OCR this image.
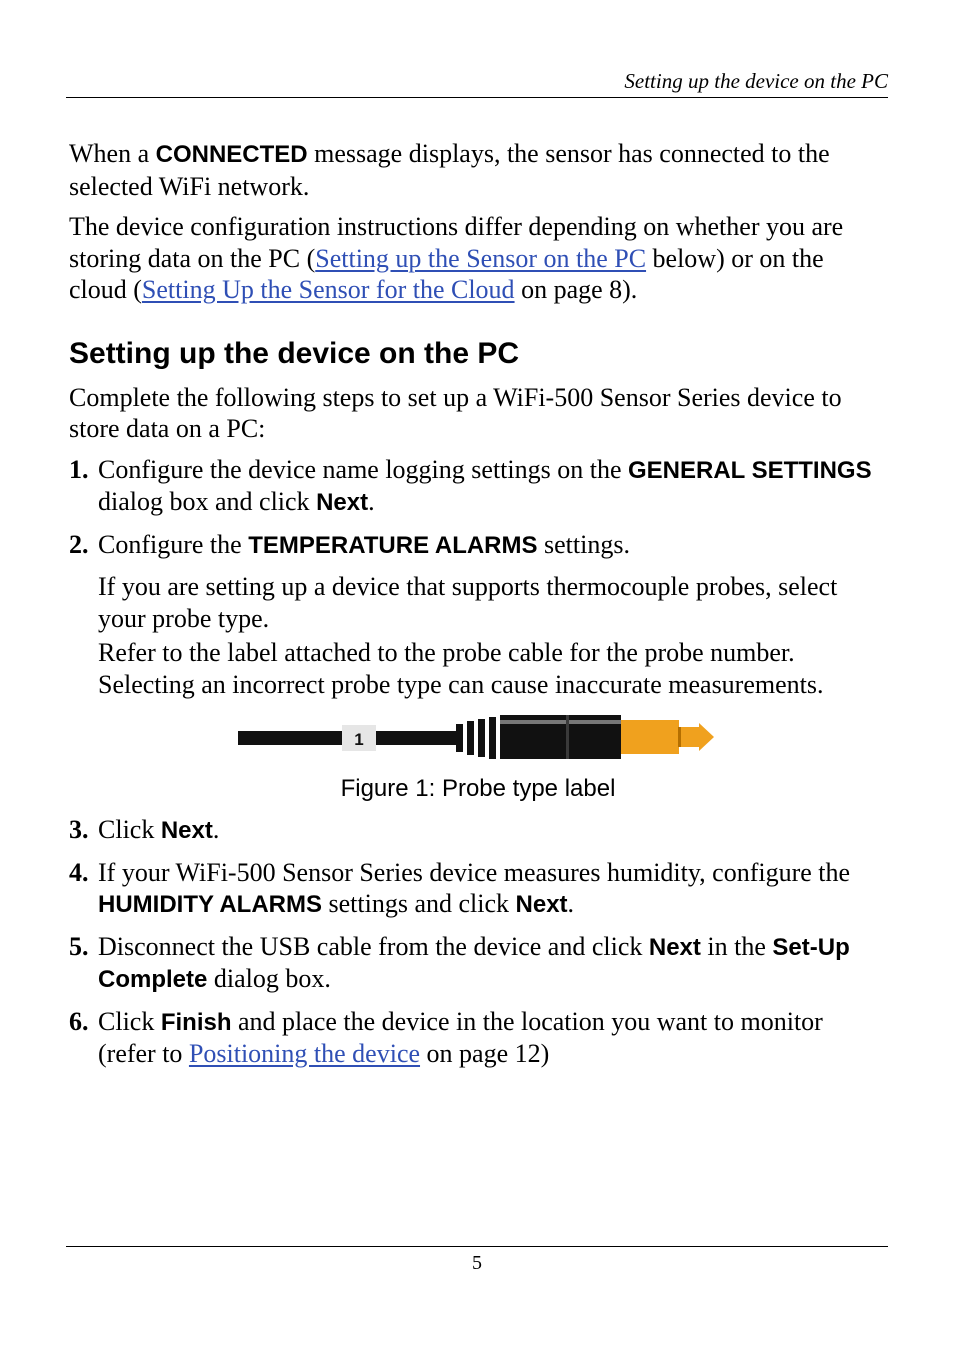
Setting up the device on the PC

When a CONNECTED message displays, the sensor has connected to the selected WiFi network.

The device configuration instructions differ depending on whether you are storing data on the PC (Setting up the Sensor on the PC below) or on the cloud (Setting Up the Sensor for the Cloud on page 8).

Setting up the device on the PC

Complete the following steps to set up a WiFi-500 Sensor Series device to store data on a PC:

1. Configure the device name logging settings on the GENERAL SETTINGS dialog box and click Next.
2. Configure the TEMPERATURE ALARMS settings.

If you are setting up a device that supports thermocouple probes, select your probe type.

Refer to the label attached to the probe cable for the probe number. Selecting an incorrect probe type can cause inaccurate measurements.

1
Figure 1: Probe type label
3. Click Next.
4. If your WiFi-500 Sensor Series device measures humidity, configure the HUMIDITY ALARMS settings and click Next.
5. Disconnect the USB cable from the device and click Next in the Set-Up Complete dialog box.
6. Click Finish and place the device in the location you want to monitor (refer to Positioning the device on page 12)
5
